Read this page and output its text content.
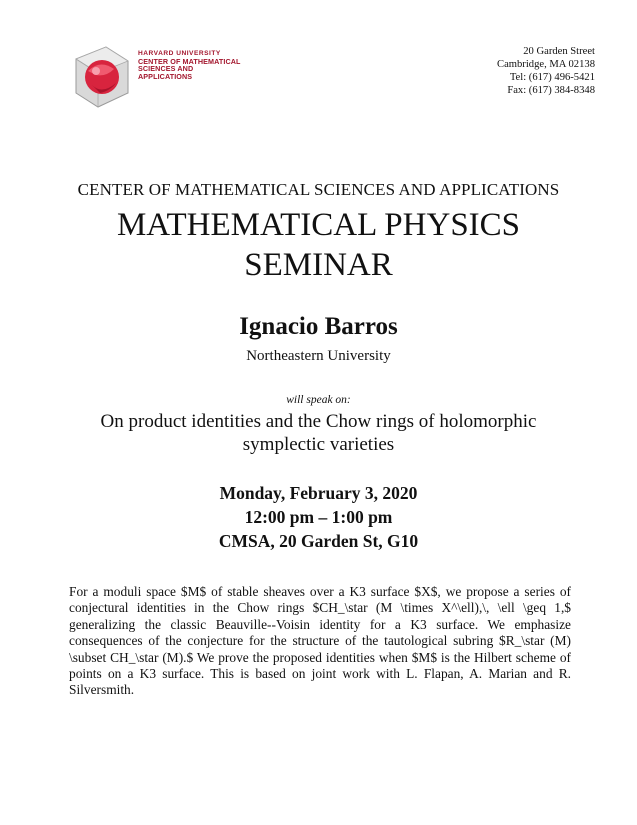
HARVARD UNIVERSITY
CENTER OF MATHEMATICAL
SCIENCES AND APPLICATIONS
20 Garden Street
Cambridge, MA 02138
Tel: (617) 496-5421
Fax: (617) 384-8348
CENTER OF MATHEMATICAL SCIENCES AND APPLICATIONS
MATHEMATICAL PHYSICS
SEMINAR
Ignacio Barros
Northeastern University
will speak on:
On product identities and the Chow rings of holomorphic
symplectic varieties
Monday, February 3, 2020
12:00 pm – 1:00 pm
CMSA, 20 Garden St, G10
For a moduli space $M$ of stable sheaves over a K3 surface $X$, we propose a series of conjectural identities in the Chow rings $CH_\star (M \times X^\ell),\, \ell \geq 1,$ generalizing the classic Beauville--Voisin identity for a K3 surface. We emphasize consequences of the conjecture for the structure of the tautological subring $R_\star (M) \subset CH_\star (M).$ We prove the proposed identities when $M$ is the Hilbert scheme of points on a K3 surface. This is based on joint work with L. Flapan, A. Marian and R. Silversmith.
